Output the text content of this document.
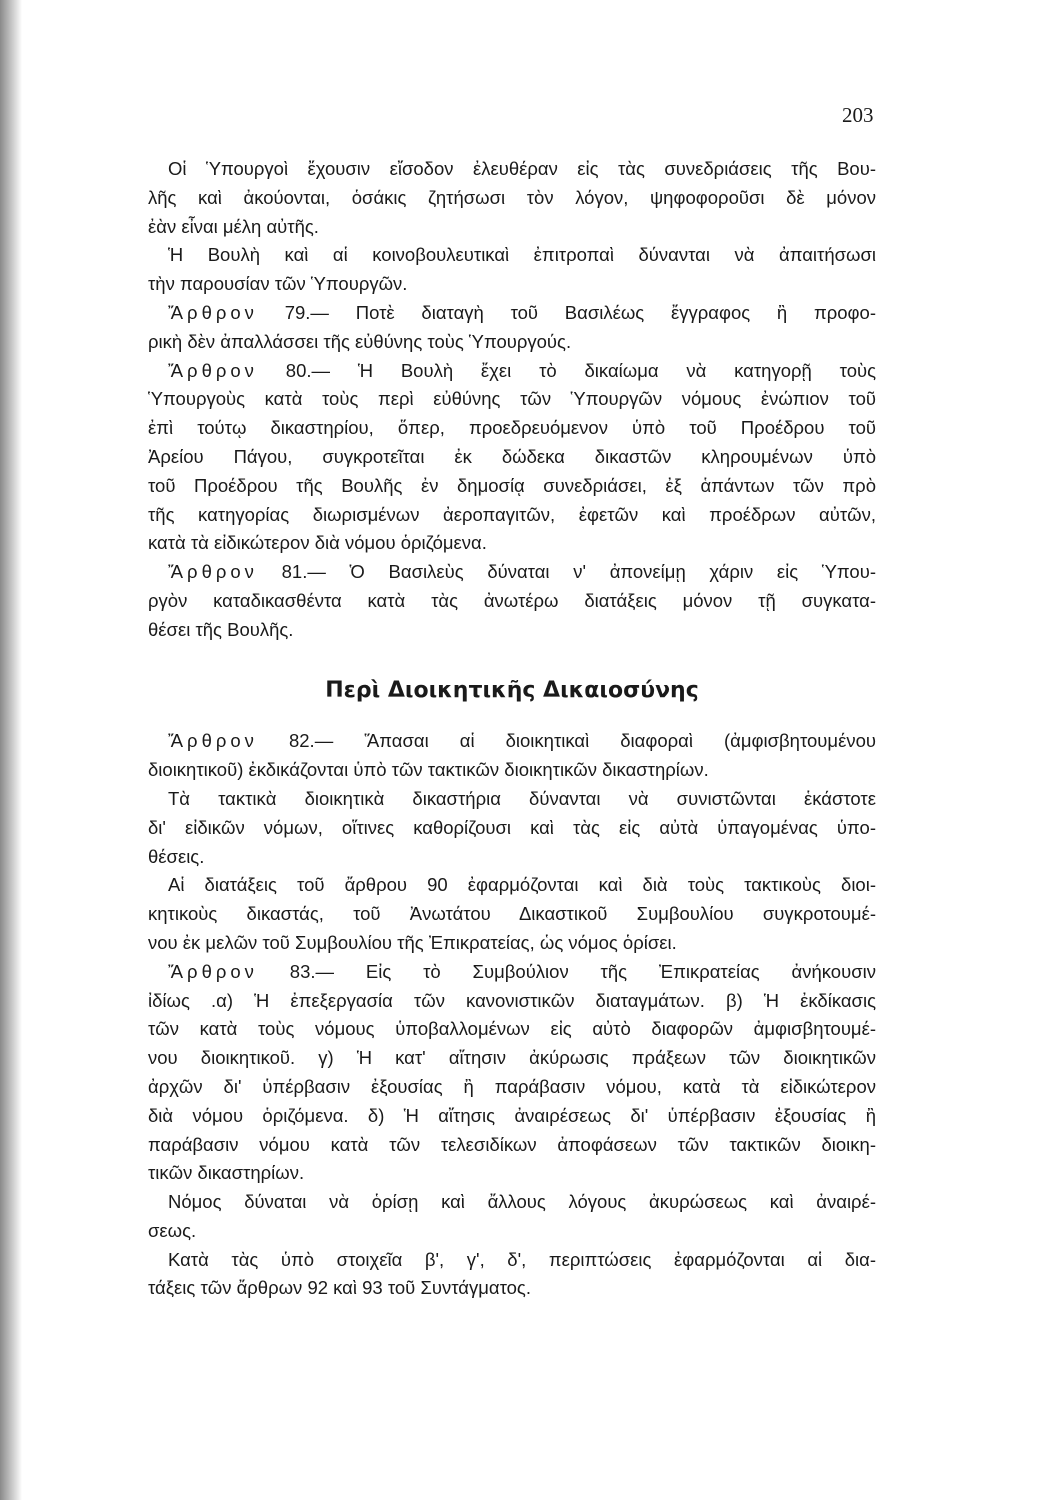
203
Οἱ Ὑπουργοὶ ἔχουσιν εἴσοδον ἐλευθέραν εἰς τὰς συνεδριάσεις τῆς Βου-
λῆς καὶ ἀκούονται, ὁσάκις ζητήσωσι τὸν λόγον, ψηφοφοροῦσι δὲ μόνον
ἐὰν εἶναι μέλη αὐτῆς.
Ἡ Βουλὴ καὶ αἱ κοινοβουλευτικαὶ ἐπιτροπαὶ δύνανται νὰ ἀπαιτήσωσι
τὴν παρουσίαν τῶν Ὑπουργῶν.
Ἄρθρον 79.— Ποτὲ διαταγὴ τοῦ Βασιλέως ἔγγραφος ἢ προφο-
ρικὴ δὲν ἀπαλλάσσει τῆς εὐθύνης τοὺς Ὑπουργούς.
Ἄρθρον 80.— Ἡ Βουλὴ ἔχει τὸ δικαίωμα νὰ κατηγορῇ τοὺς
Ὑπουργοὺς κατὰ τοὺς περὶ εὐθύνης τῶν Ὑπουργῶν νόμους ἐνώπιον τοῦ
ἐπὶ τούτῳ δικαστηρίου, ὅπερ, προεδρευόμενον ὑπὸ τοῦ Προέδρου τοῦ
Ἀρείου Πάγου, συγκροτεῖται ἐκ δώδεκα δικαστῶν κληρουμένων ὑπὸ
τοῦ Προέδρου τῆς Βουλῆς ἐν δημοσίᾳ συνεδριάσει, ἐξ ἁπάντων τῶν πρὸ
τῆς κατηγορίας διωρισμένων ἀεροπαγιτῶν, ἐφετῶν καὶ προέδρων αὐτῶν,
κατὰ τὰ εἰδικώτερον διὰ νόμου ὁριζόμενα.
Ἄρθρον 81.— Ὁ Βασιλεὺς δύναται ν' ἀπονείμῃ χάριν εἰς Ὑπου-
ργὸν καταδικασθέντα κατὰ τὰς ἀνωτέρω διατάξεις μόνον τῇ συγκατα-
θέσει τῆς Βουλῆς.
Περὶ Διοικητικῆς Δικαιοσύνης
Ἄρθρον 82.— Ἅπασαι αἱ διοικητικαὶ διαφοραὶ (ἀμφισβητουμένου
διοικητικοῦ) ἐκδικάζονται ὑπὸ τῶν τακτικῶν διοικητικῶν δικαστηρίων.
Τὰ τακτικὰ διοικητικὰ δικαστήρια δύνανται νὰ συνιστῶνται ἑκάστοτε
δι' εἰδικῶν νόμων, οἵτινες καθορίζουσι καὶ τὰς εἰς αὐτὰ ὑπαγομένας ὑπο-
θέσεις.
Αἱ διατάξεις τοῦ ἄρθρου 90 ἐφαρμόζονται καὶ διὰ τοὺς τακτικοὺς διοι-
κητικοὺς δικαστάς, τοῦ Ἀνωτάτου Δικαστικοῦ Συμβουλίου συγκροτουμέ-
νου ἐκ μελῶν τοῦ Συμβουλίου τῆς Ἐπικρατείας, ὡς νόμος ὁρίσει.
Ἄρθρον 83.— Εἰς τὸ Συμβούλιον τῆς Ἐπικρατείας ἀνήκουσιν
ἰδίως .α) Ἡ ἐπεξεργασία τῶν κανονιστικῶν διαταγμάτων. β) Ἡ ἐκδίκασις
τῶν κατὰ τοὺς νόμους ὑποβαλλομένων εἰς αὐτὸ διαφορῶν ἀμφισβητουμέ-
νου διοικητικοῦ. γ) Ἡ κατ' αἴτησιν ἀκύρωσις πράξεων τῶν διοικητικῶν
ἀρχῶν δι' ὑπέρβασιν ἐξουσίας ἢ παράβασιν νόμου, κατὰ τὰ εἰδικώτερον
διὰ νόμου ὁριζόμενα. δ) Ἡ αἴτησις ἀναιρέσεως δι' ὑπέρβασιν ἐξουσίας ἢ
παράβασιν νόμου κατὰ τῶν τελεσιδίκων ἀποφάσεων τῶν τακτικῶν διοικη-
τικῶν δικαστηρίων.
Νόμος δύναται νὰ ὁρίσῃ καὶ ἄλλους λόγους ἀκυρώσεως καὶ ἀναιρέ-
σεως.
Κατὰ τὰς ὑπὸ στοιχεῖα β', γ', δ', περιπτώσεις ἐφαρμόζονται αἱ δια-
τάξεις τῶν ἄρθρων 92 καὶ 93 τοῦ Συντάγματος.
